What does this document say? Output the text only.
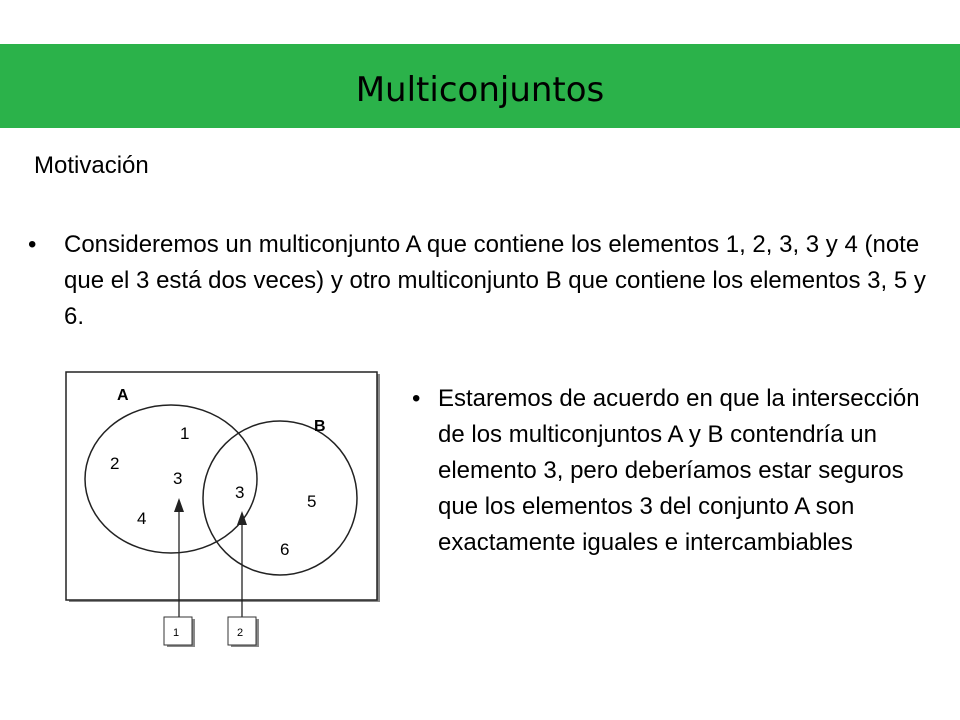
Multiconjuntos
Motivación
•	Consideremos un multiconjunto A que contiene los elementos 1, 2, 3, 3 y 4 (note que el 3 está dos veces) y otro multiconjunto B que contiene los elementos 3, 5 y 6.
A
B
1
2
3
4
3	5
6
1	2
• Estaremos de acuerdo en que la intersección de los multiconjuntos A y B contendría un elemento 3, pero deberíamos estar seguros que los elementos 3 del conjunto A son exactamente iguales e intercambiables
